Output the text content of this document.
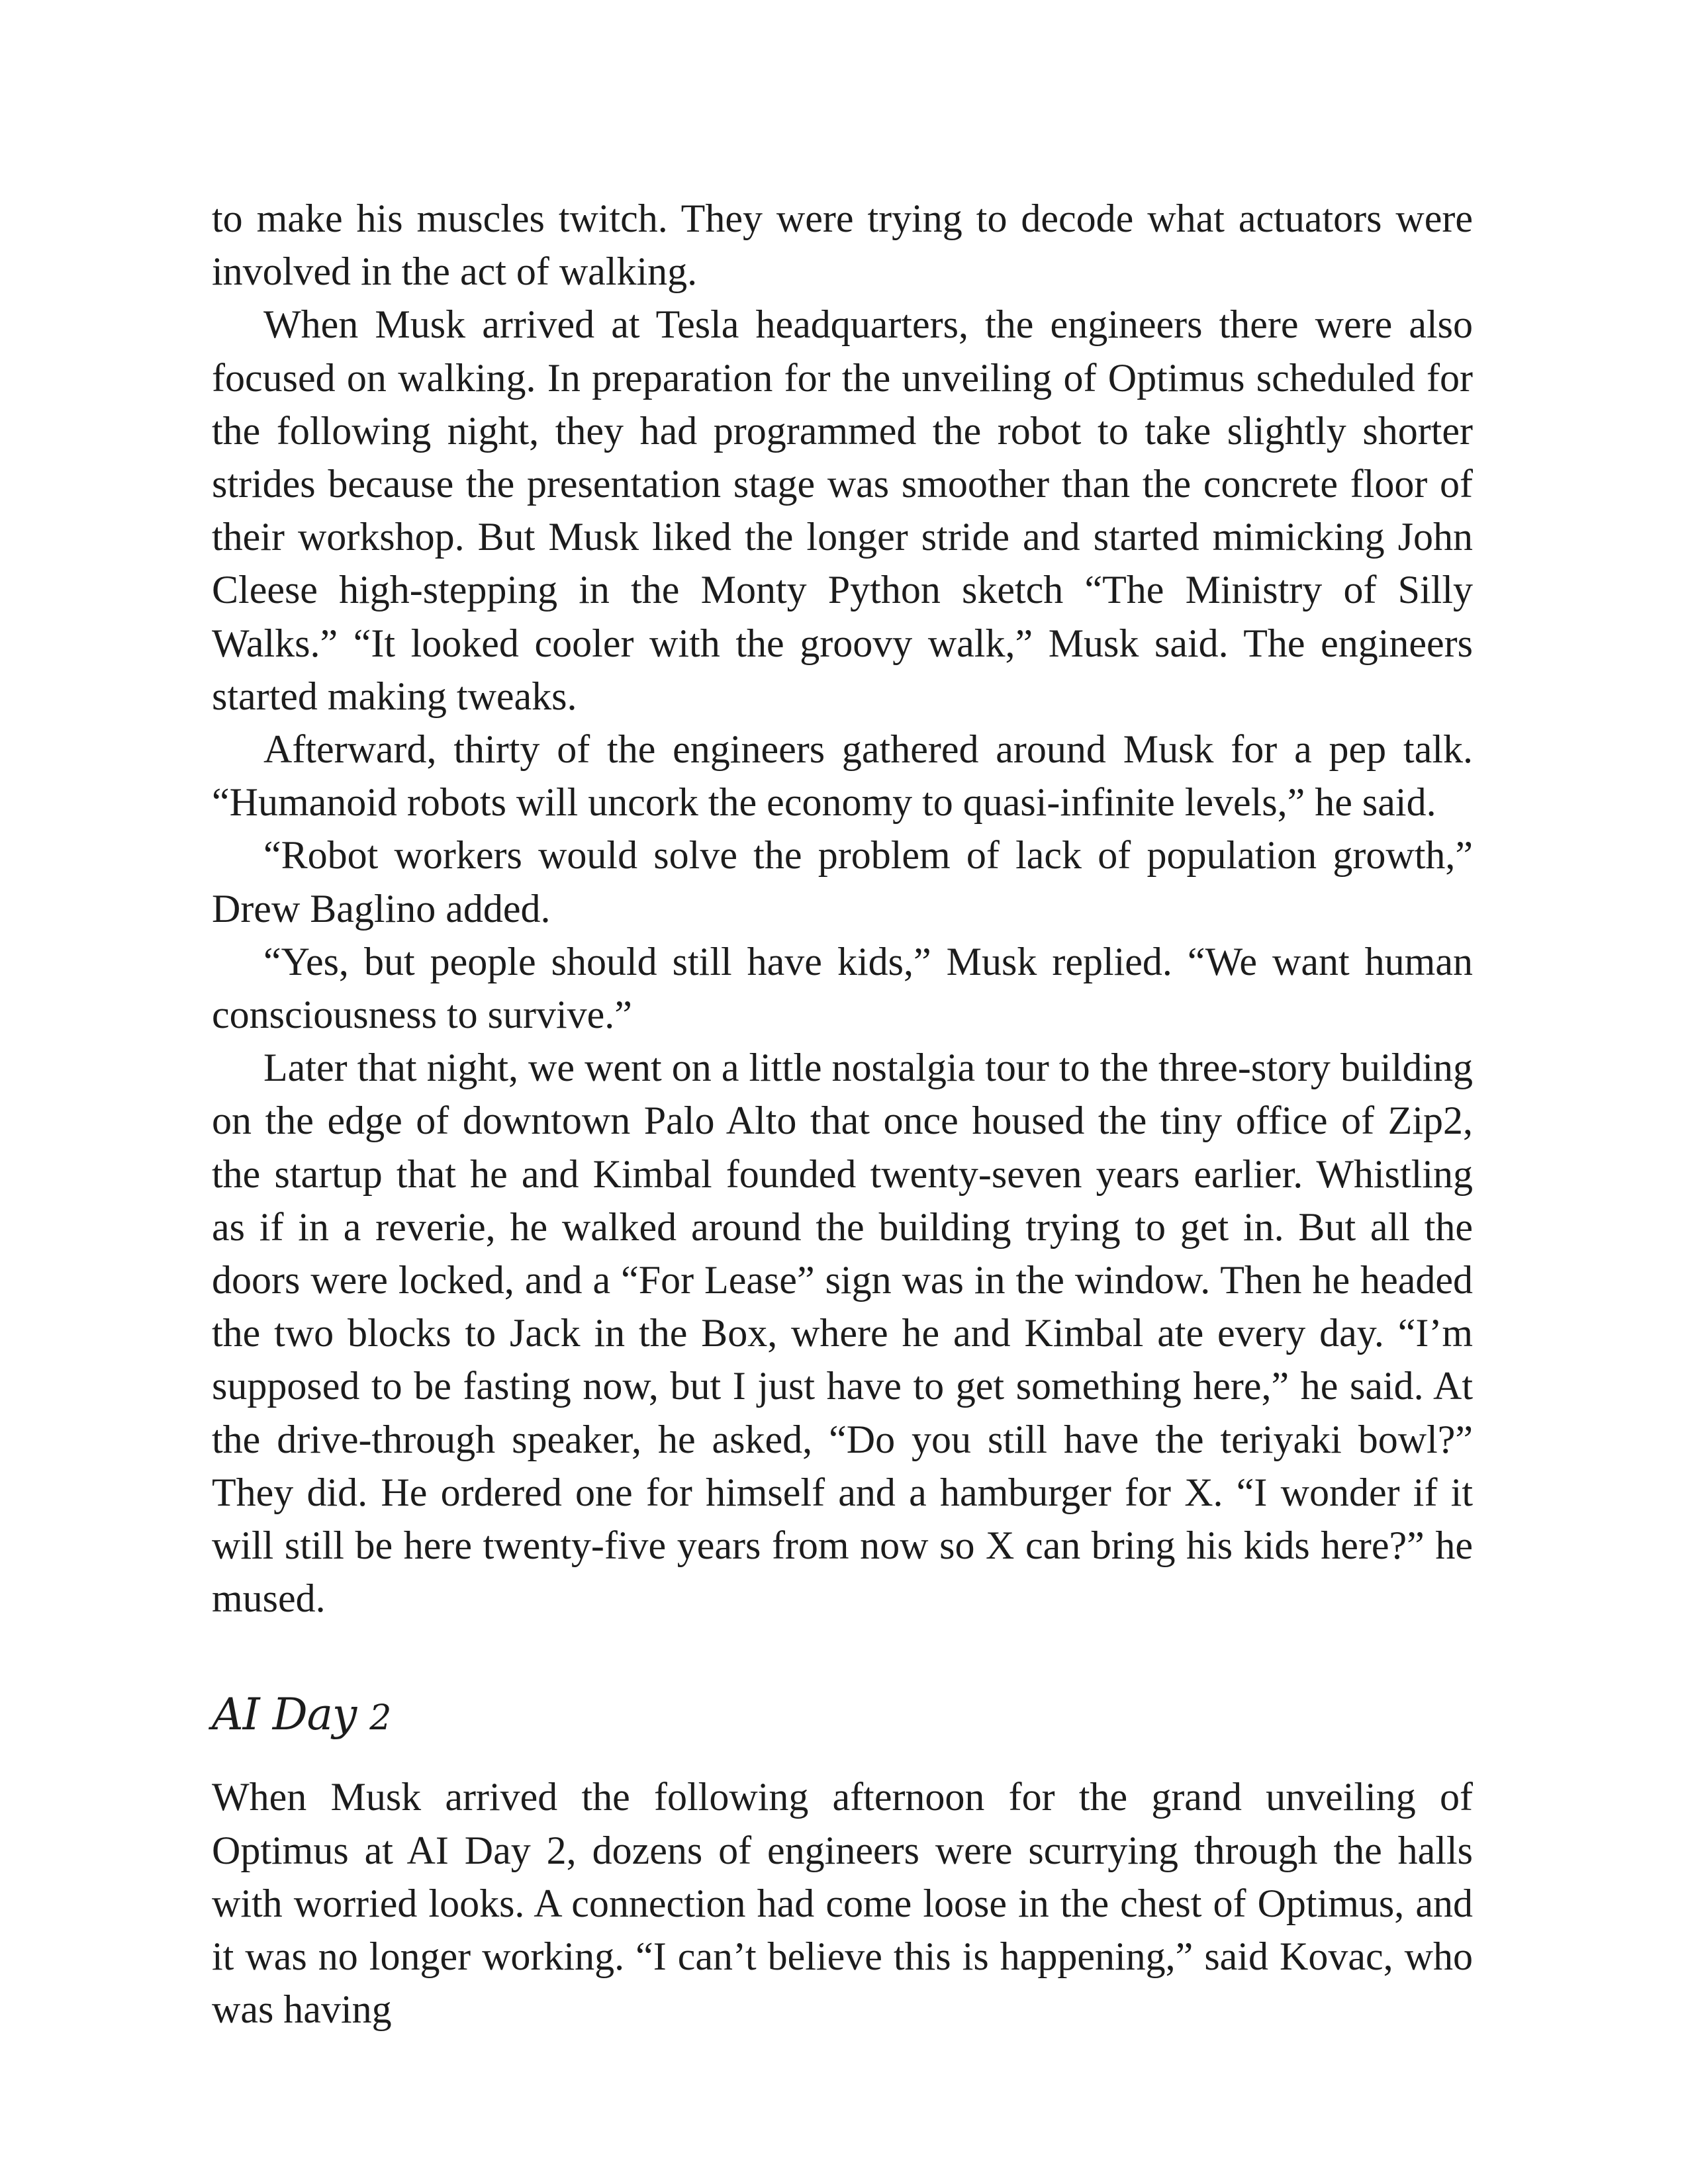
to make his muscles twitch. They were trying to decode what actuators were involved in the act of walking.

When Musk arrived at Tesla headquarters, the engineers there were also focused on walking. In preparation for the unveiling of Optimus scheduled for the following night, they had programmed the robot to take slightly shorter strides because the presentation stage was smoother than the concrete floor of their workshop. But Musk liked the longer stride and started mimicking John Cleese high-stepping in the Monty Python sketch “The Ministry of Silly Walks.” “It looked cooler with the groovy walk,” Musk said. The engineers started making tweaks.

Afterward, thirty of the engineers gathered around Musk for a pep talk. “Humanoid robots will uncork the economy to quasi-infinite levels,” he said.

“Robot workers would solve the problem of lack of population growth,” Drew Baglino added.

“Yes, but people should still have kids,” Musk replied. “We want human consciousness to survive.”

Later that night, we went on a little nostalgia tour to the three-story building on the edge of downtown Palo Alto that once housed the tiny office of Zip2, the startup that he and Kimbal founded twenty-seven years earlier. Whistling as if in a reverie, he walked around the building trying to get in. But all the doors were locked, and a “For Lease” sign was in the window. Then he headed the two blocks to Jack in the Box, where he and Kimbal ate every day. “I’m supposed to be fasting now, but I just have to get something here,” he said. At the drive-through speaker, he asked, “Do you still have the teriyaki bowl?” They did. He ordered one for himself and a hamburger for X. “I wonder if it will still be here twenty-five years from now so X can bring his kids here?” he mused.

AI Day 2

When Musk arrived the following afternoon for the grand unveiling of Optimus at AI Day 2, dozens of engineers were scurrying through the halls with worried looks. A connection had come loose in the chest of Optimus, and it was no longer working. “I can’t believe this is happening,” said Kovac, who was having
